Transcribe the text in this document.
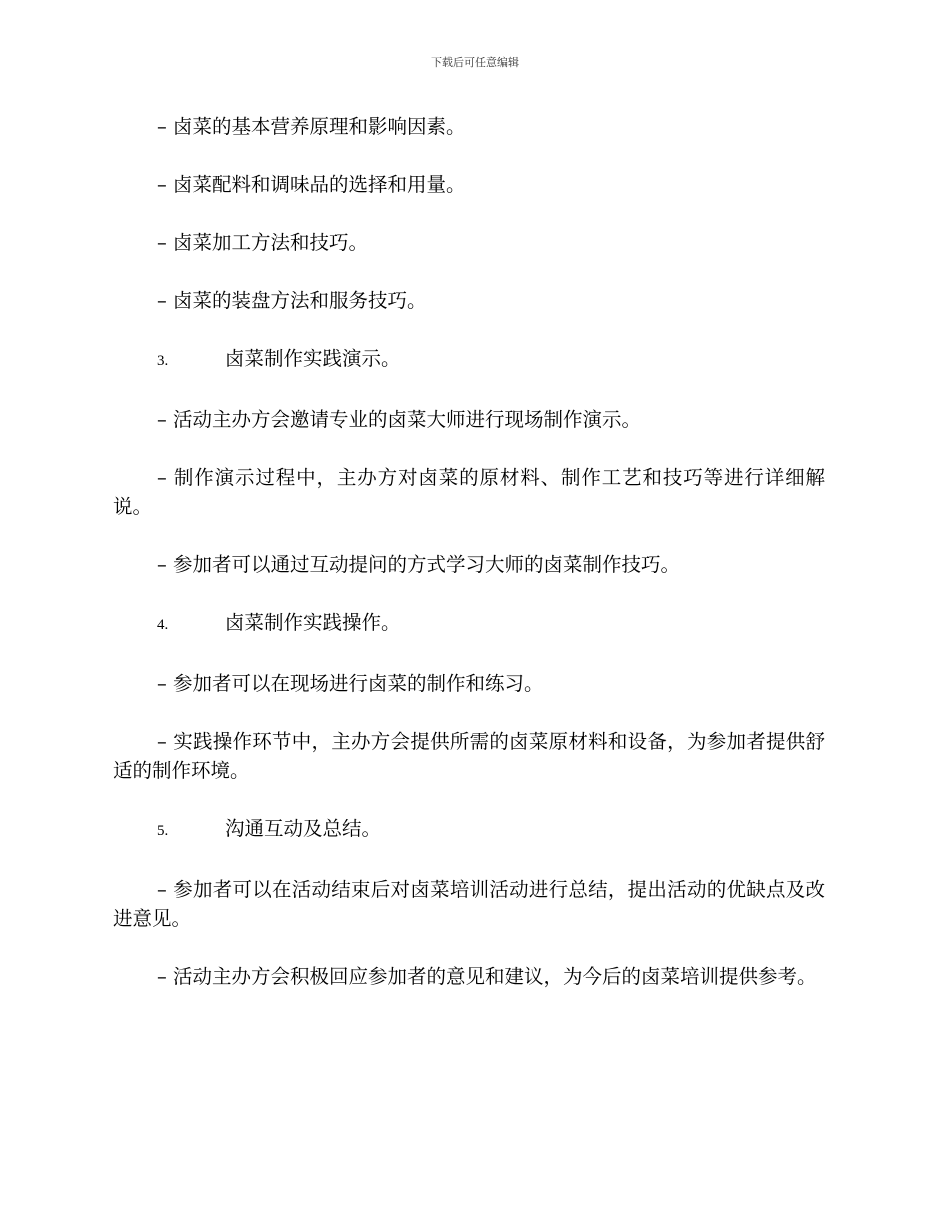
下载后可任意编辑

– 卤菜的基本营养原理和影响因素。

– 卤菜配料和调味品的选择和用量。

– 卤菜加工方法和技巧。

– 卤菜的装盘方法和服务技巧。

3.	卤菜制作实践演示。

– 活动主办方会邀请专业的卤菜大师进行现场制作演示。

– 制作演示过程中，主办方对卤菜的原材料、制作工艺和技巧等进行详细解说。

– 参加者可以通过互动提问的方式学习大师的卤菜制作技巧。

4.	卤菜制作实践操作。

– 参加者可以在现场进行卤菜的制作和练习。

– 实践操作环节中，主办方会提供所需的卤菜原材料和设备，为参加者提供舒适的制作环境。

5.	沟通互动及总结。

– 参加者可以在活动结束后对卤菜培训活动进行总结，提出活动的优缺点及改进意见。

– 活动主办方会积极回应参加者的意见和建议，为今后的卤菜培训提供参考。
